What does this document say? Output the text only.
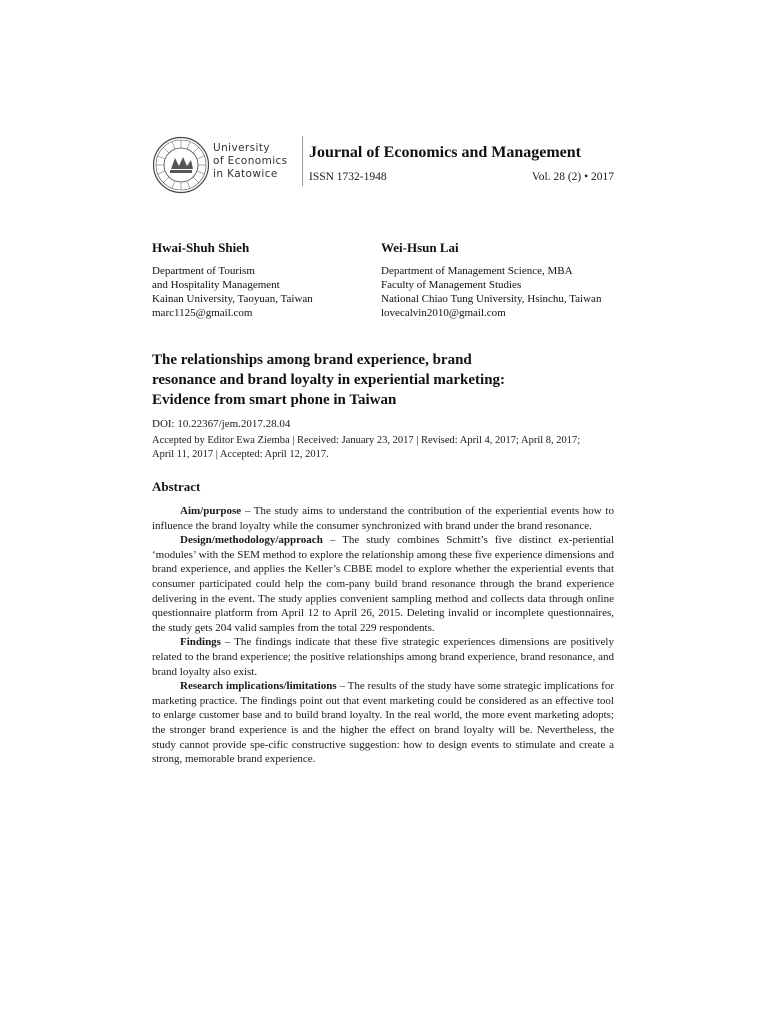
University
of Economics
in Katowice
Journal of Economics and Management
ISSN 1732-1948	Vol. 28 (2) • 2017
Hwai-Shuh Shieh
Department of Tourism
and Hospitality Management
Kainan University, Taoyuan, Taiwan
marc1125@gmail.com
Wei-Hsun Lai
Department of Management Science, MBA
Faculty of Management Studies
National Chiao Tung University, Hsinchu, Taiwan
lovecalvin2010@gmail.com
The relationships among brand experience, brand
resonance and brand loyalty in experiential marketing:
Evidence from smart phone in Taiwan
DOI: 10.22367/jem.2017.28.04
Accepted by Editor Ewa Ziemba | Received: January 23, 2017 | Revised: April 4, 2017; April 8, 2017;
April 11, 2017 | Accepted: April 12, 2017.
Abstract

Aim/purpose – The study aims to understand the contribution of the experiential events how to influence the brand loyalty while the consumer synchronized with brand under the brand resonance.

Design/methodology/approach – The study combines Schmitt’s five distinct ex-periential ‘modules’ with the SEM method to explore the relationship among these five experience dimensions and brand experience, and applies the Keller’s CBBE model to explore whether the experiential events that consumer participated could help the com-pany build brand resonance through the brand experience delivering in the event. The study applies convenient sampling method and collects data through online questionnaire platform from April 12 to April 26, 2015. Deleting invalid or incomplete questionnaires, the study gets 204 valid samples from the total 229 respondents.

Findings – The findings indicate that these five strategic experiences dimensions are positively related to the brand experience; the positive relationships among brand experience, brand resonance, and brand loyalty also exist.

Research implications/limitations – The results of the study have some strategic implications for marketing practice. The findings point out that event marketing could be considered as an effective tool to enlarge customer base and to build brand loyalty. In the real world, the more event marketing adopts; the stronger brand experience is and the higher the effect on brand loyalty will be. Nevertheless, the study cannot provide spe-cific constructive suggestion: how to design events to stimulate and create a strong, memorable brand experience.
